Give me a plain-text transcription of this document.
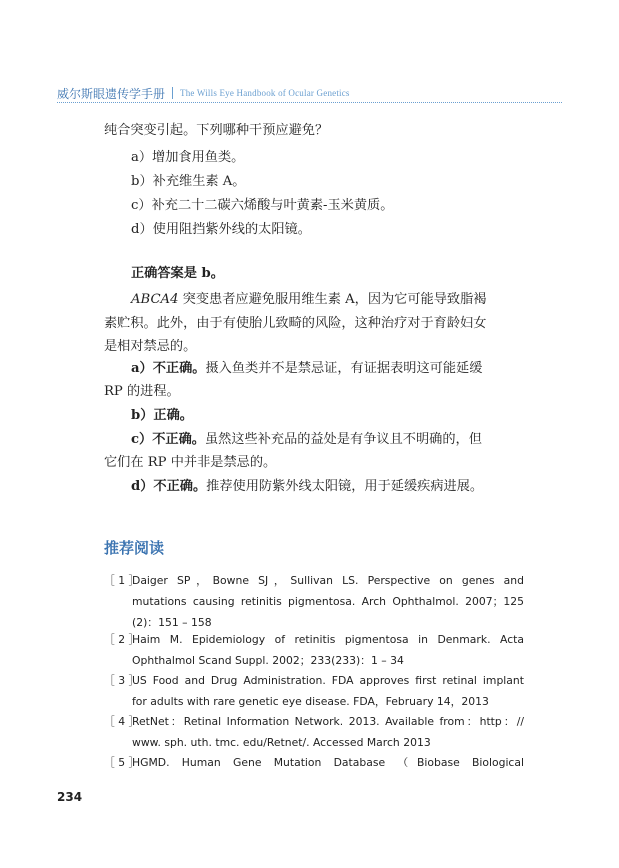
威尔斯眼遗传学手册 The Wills Eye Handbook of Ocular Genetics
纯合突变引起。下列哪种干预应避免？
a）增加食用鱼类。
b）补充维生素 A。
c）补充二十二碳六烯酸与叶黄素-玉米黄质。
d）使用阻挡紫外线的太阳镜。
正确答案是 b。
ABCA4 突变患者应避免服用维生素 A，因为它可能导致脂褐
素贮积。此外，由于有使胎儿致畸的风险，这种治疗对于育龄妇女
是相对禁忌的。
a）不正确。摄入鱼类并不是禁忌证，有证据表明这可能延缓
RP 的进程。
b）正确。
c）不正确。虽然这些补充品的益处是有争议且不明确的，但
它们在 RP 中并非是禁忌的。
d）不正确。推荐使用防紫外线太阳镜，用于延缓疾病进展。
推荐阅读
［ 1 ］
Daiger SP，Bowne SJ，Sullivan LS. Perspective on genes and
mutations causing retinitis pigmentosa. Arch Ophthalmol. 2007；125
(2)：151 – 158
［ 2 ］
Haim M. Epidemiology of retinitis pigmentosa in Denmark. Acta
Ophthalmol Scand Suppl. 2002；233(233)：1 – 34
［ 3 ］
US Food and Drug Administration. FDA approves first retinal implant
for adults with rare genetic eye disease. FDA，February 14，2013
［ 4 ］
RetNet：Retinal Information Network. 2013. Available from：http：//
www. sph. uth. tmc. edu/Retnet/. Accessed March 2013
［ 5 ］
HGMD. Human Gene Mutation Database （Biobase Biological
234
